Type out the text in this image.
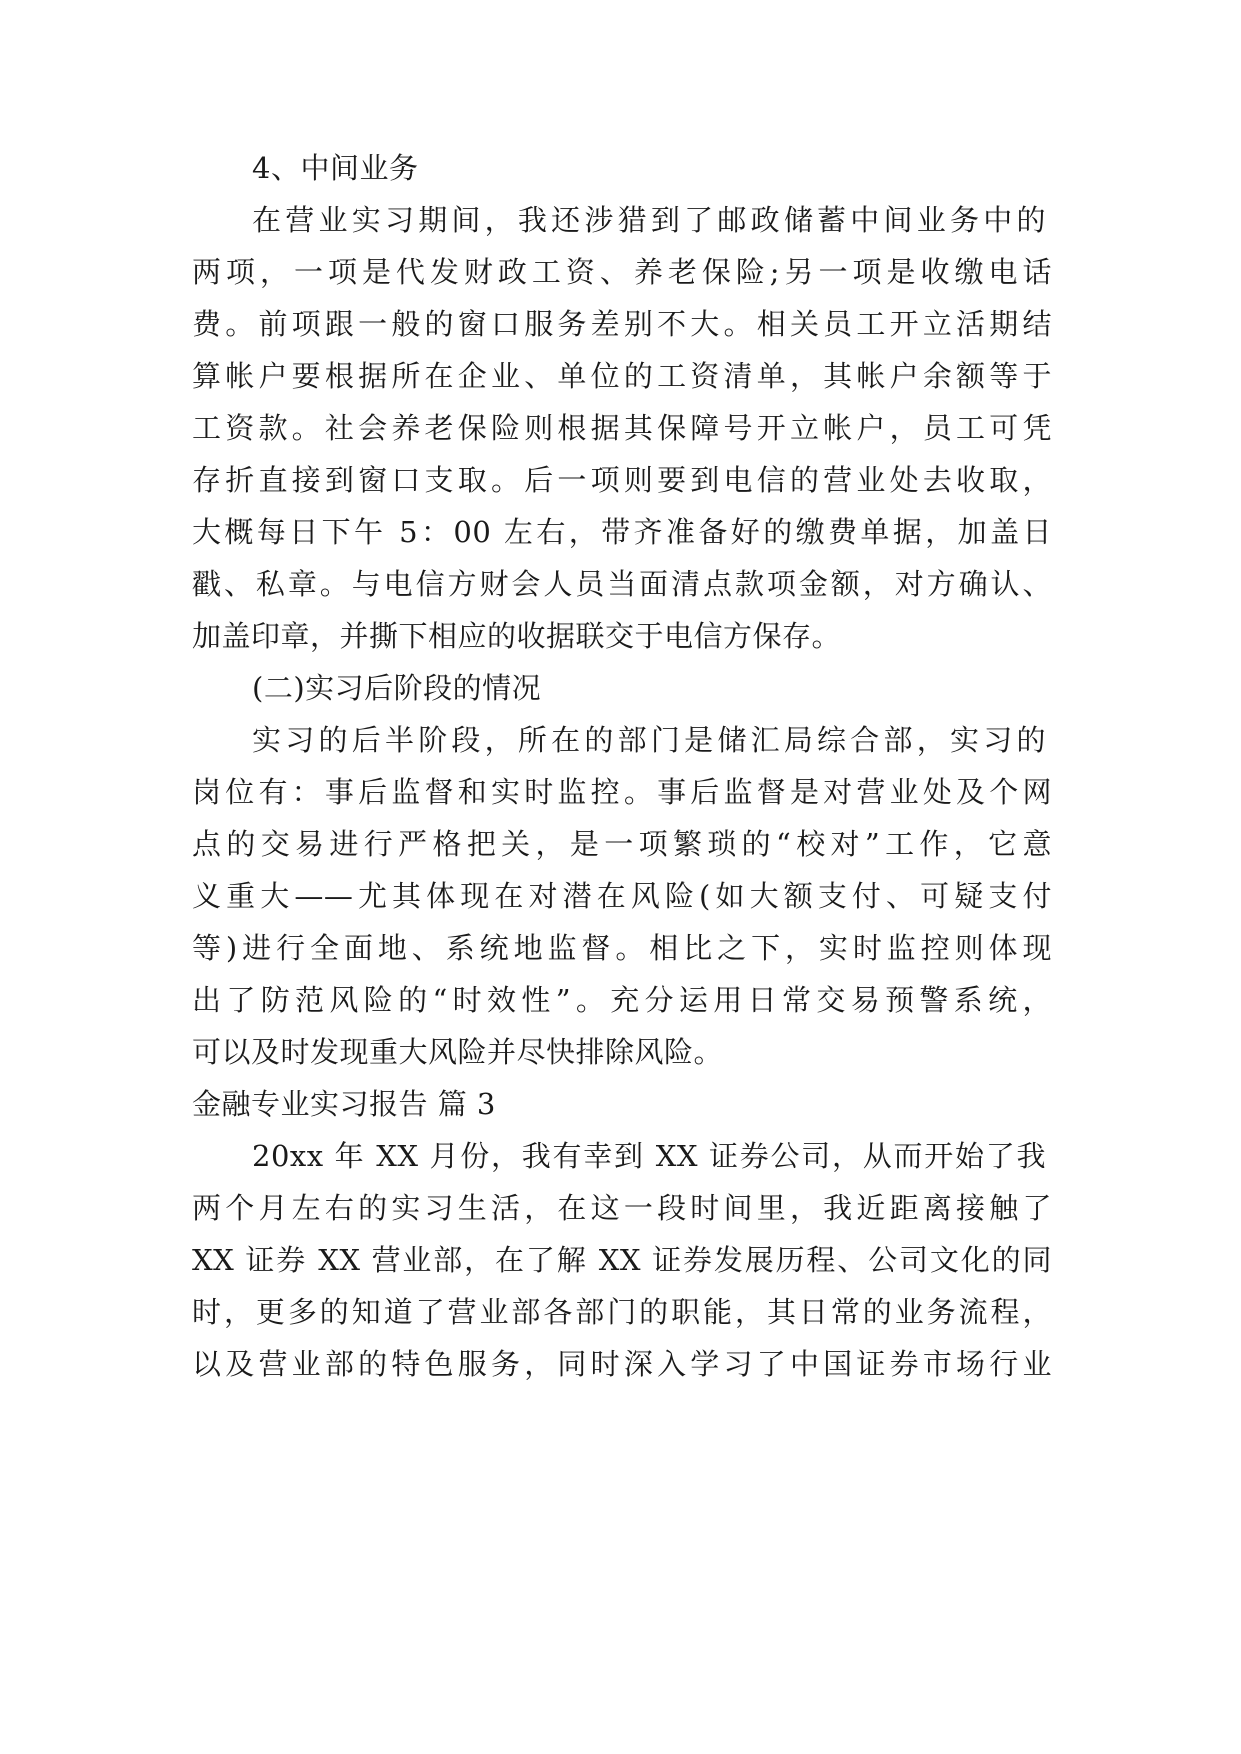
4、中间业务
在营业实习期间，我还涉猎到了邮政储蓄中间业务中的
两项，一项是代发财政工资、养老保险;另一项是收缴电话
费。前项跟一般的窗口服务差别不大。相关员工开立活期结
算帐户要根据所在企业、单位的工资清单，其帐户余额等于
工资款。社会养老保险则根据其保障号开立帐户，员工可凭
存折直接到窗口支取。后一项则要到电信的营业处去收取，
大概每日下午 5：00 左右，带齐准备好的缴费单据，加盖日
戳、私章。与电信方财会人员当面清点款项金额，对方确认、
加盖印章，并撕下相应的收据联交于电信方保存。
(二)实习后阶段的情况
实习的后半阶段，所在的部门是储汇局综合部，实习的
岗位有：事后监督和实时监控。事后监督是对营业处及个网
点的交易进行严格把关，是一项繁琐的“校对”工作，它意
义重大——尤其体现在对潜在风险(如大额支付、可疑支付
等)进行全面地、系统地监督。相比之下，实时监控则体现
出了防范风险的“时效性”。充分运用日常交易预警系统，
可以及时发现重大风险并尽快排除风险。
金融专业实习报告 篇 3
20xx 年 XX 月份，我有幸到 XX 证券公司，从而开始了我
两个月左右的实习生活，在这一段时间里，我近距离接触了
XX 证券 XX 营业部，在了解 XX 证券发展历程、公司文化的同
时，更多的知道了营业部各部门的职能，其日常的业务流程，
以及营业部的特色服务，同时深入学习了中国证券市场行业
